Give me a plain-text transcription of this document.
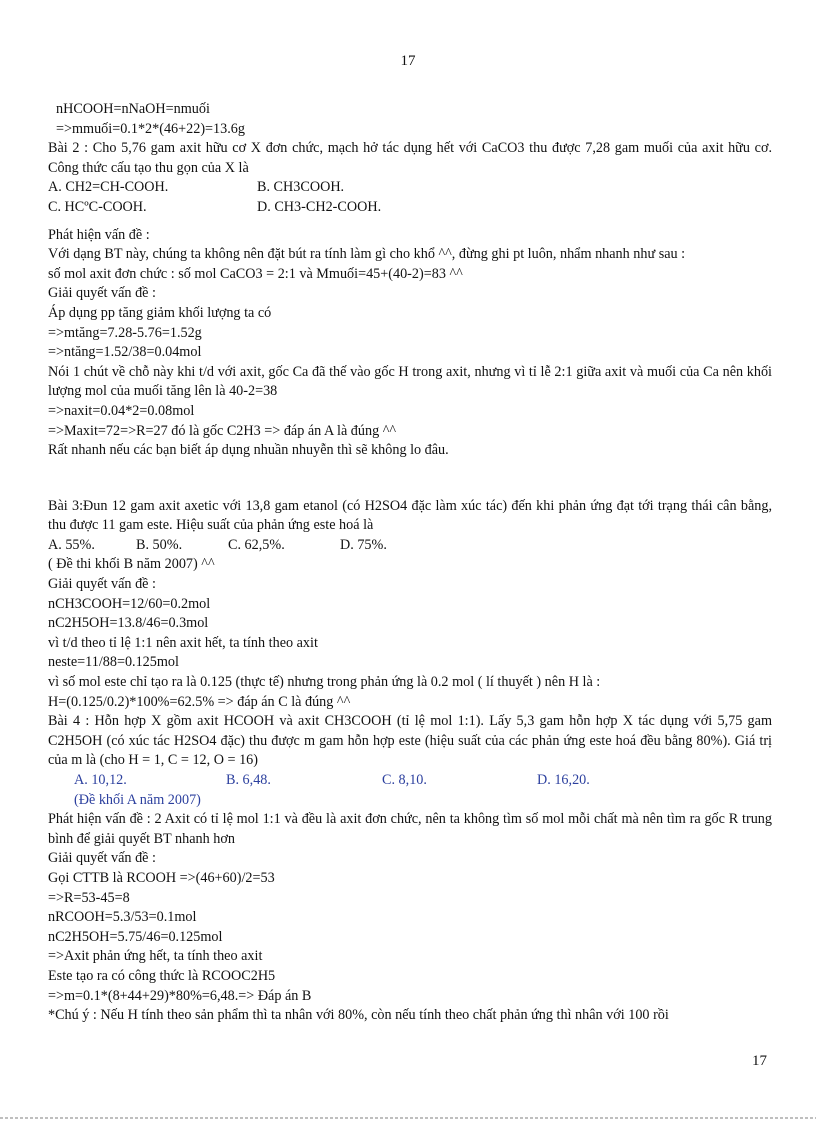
17
nHCOOH=nNaOH=nmuối
=>mmuối=0.1*2*(46+22)=13.6g
Bài 2 : Cho 5,76 gam axit hữu cơ X đơn chức, mạch hở tác dụng hết với CaCO3 thu được 7,28 gam muối của axit hữu cơ. Công thức cấu tạo thu gọn của X là
A. CH2=CH-COOH.	B. CH3COOH.
C. HCºC-COOH.	D. CH3-CH2-COOH.
Phát hiện vấn đề :
Với dạng BT này, chúng ta không nên đặt bút ra tính làm gì cho khổ ^^, đừng ghi pt luôn, nhẩm nhanh như sau :
số mol axit đơn chức : số mol CaCO3 = 2:1 và Mmuối=45+(40-2)=83 ^^
Giải quyết vấn đề :
Áp dụng pp tăng giảm khối lượng ta có
=>mtăng=7.28-5.76=1.52g
=>ntăng=1.52/38=0.04mol
Nói 1 chút về chỗ này khi t/d với axit, gốc Ca đã thế vào gốc H trong axit, nhưng vì tỉ lễ 2:1 giữa axit và muối của Ca nên khối lượng mol của muối tăng lên là 40-2=38
=>naxit=0.04*2=0.08mol
=>Maxit=72=>R=27 đó là gốc C2H3 => đáp án A là đúng ^^
Rất nhanh nếu các bạn biết áp dụng nhuần nhuyễn thì sẽ không lo đâu.
Bài 3:Đun 12 gam axit axetic với 13,8 gam etanol (có H2SO4 đặc làm xúc tác) đến khi phản ứng đạt tới trạng thái cân bằng, thu được 11 gam este. Hiệu suất của phản ứng este hoá là
A. 55%.	B. 50%.	C. 62,5%.	D. 75%.
( Đề thi khối B năm 2007) ^^
Giải quyết vấn đề :
nCH3COOH=12/60=0.2mol
nC2H5OH=13.8/46=0.3mol
vì t/d theo tỉ lệ 1:1 nên axit hết, ta tính theo axit
neste=11/88=0.125mol
vì số mol este chỉ tạo ra là 0.125 (thực tế) nhưng trong phản ứng là 0.2 mol ( lí thuyết ) nên H là :
H=(0.125/0.2)*100%=62.5% => đáp án C là đúng ^^
Bài 4 : Hỗn hợp X gồm axit HCOOH và axit CH3COOH (tỉ lệ mol 1:1). Lấy 5,3 gam hỗn hợp X tác dụng với 5,75 gam C2H5OH (có xúc tác H2SO4 đặc) thu được m gam hỗn hợp este (hiệu suất của các phản ứng este hoá đều bằng 80%). Giá trị của m là (cho H = 1, C = 12, O = 16)
A. 10,12.	B. 6,48.	C. 8,10.	D. 16,20.
(Đề khối A năm 2007)
Phát hiện vấn đề : 2 Axit có tỉ lệ mol 1:1 và đều là axit đơn chức, nên ta không tìm số mol mỗi chất mà nên tìm ra gốc R trung bình để giải quyết BT nhanh hơn
Giải quyết vấn đề :
Gọi CTTB là RCOOH =>(46+60)/2=53
=>R=53-45=8
nRCOOH=5.3/53=0.1mol
nC2H5OH=5.75/46=0.125mol
=>Axit phản ứng hết, ta tính theo axit
Este tạo ra có công thức là RCOOC2H5
=>m=0.1*(8+44+29)*80%=6,48.=> Đáp án B
*Chú ý : Nếu H tính theo sản phẩm thì ta nhân với 80%, còn nếu tính theo chất phản ứng thì nhân với 100 rồi
17
